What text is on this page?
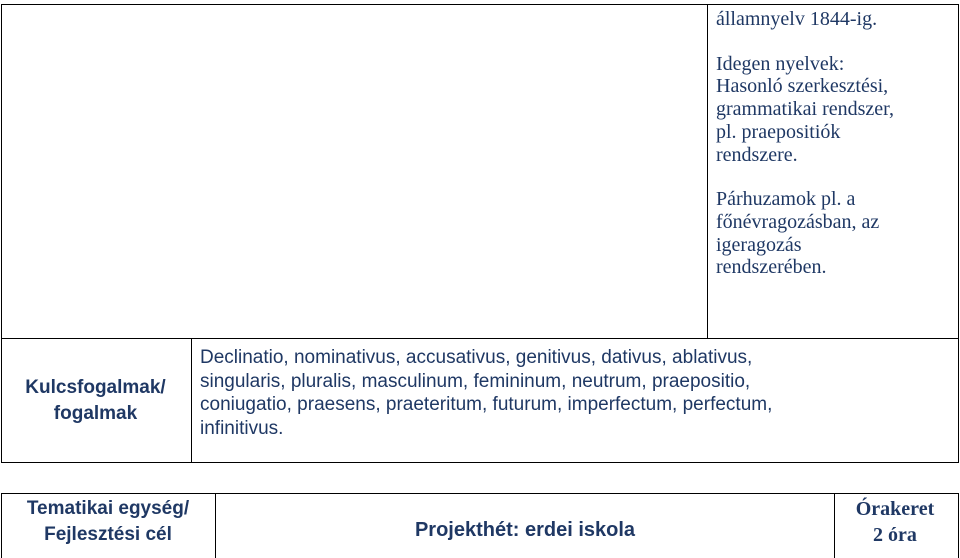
államnyelv 1844-ig.

Idegen nyelvek:

Hasonló szerkesztési,

grammatikai rendszer,

pl. praepositiók

rendszere.

Párhuzamok pl. a

főnévragozásban, az

igeragozás

rendszerében.

Kulcsfogalmak/
fogalmak
Declinatio, nominativus, accusativus, genitivus, dativus, ablativus,
singularis, pluralis, masculinum, femininum, neutrum, praepositio,
coniugatio, praesens, praeteritum, futurum, imperfectum, perfectum,
infinitivus.
Tematikai egység/
Fejlesztési cél	Projekthét: erdei iskola
Órakeret
2 óra
